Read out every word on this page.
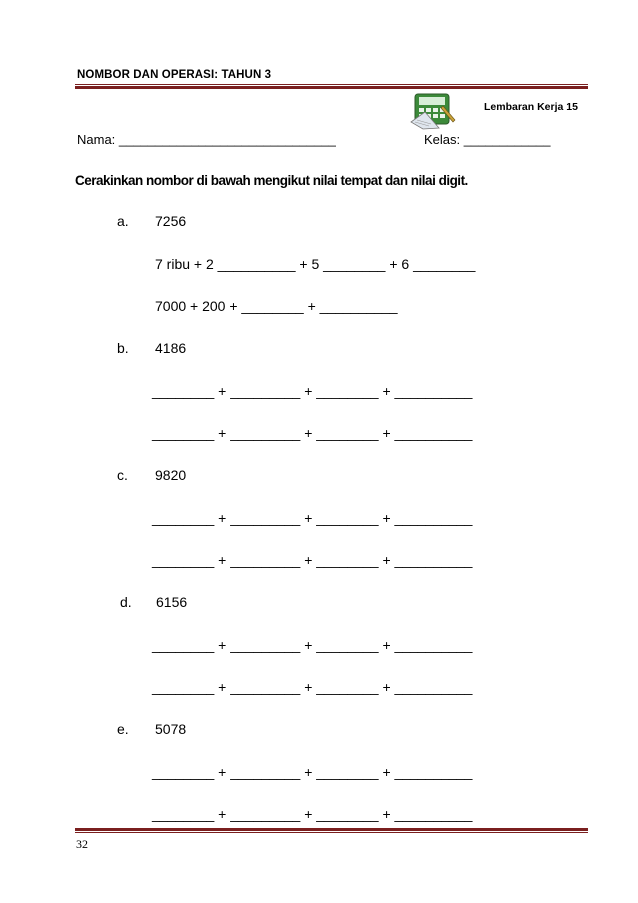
NOMBOR DAN OPERASI: TAHUN 3
Lembaran Kerja 15
Nama: ______________________________	Kelas: ____________
Cerakinkan nombor di bawah mengikut nilai tempat dan nilai digit.
a. 7256
7 ribu + 2 __________ + 5 ________ + 6 ________
7000 + 200 + ________ + __________
b. 4186
________ + _________ + ________ + __________
________ + _________ + ________ + __________
c. 9820
________ + _________ + ________ + __________
________ + _________ + ________ + __________
d. 6156
________ + _________ + ________ + __________
________ + _________ + ________ + __________
e. 5078
________ + _________ + ________ + __________
________ + _________ + ________ + __________
32
